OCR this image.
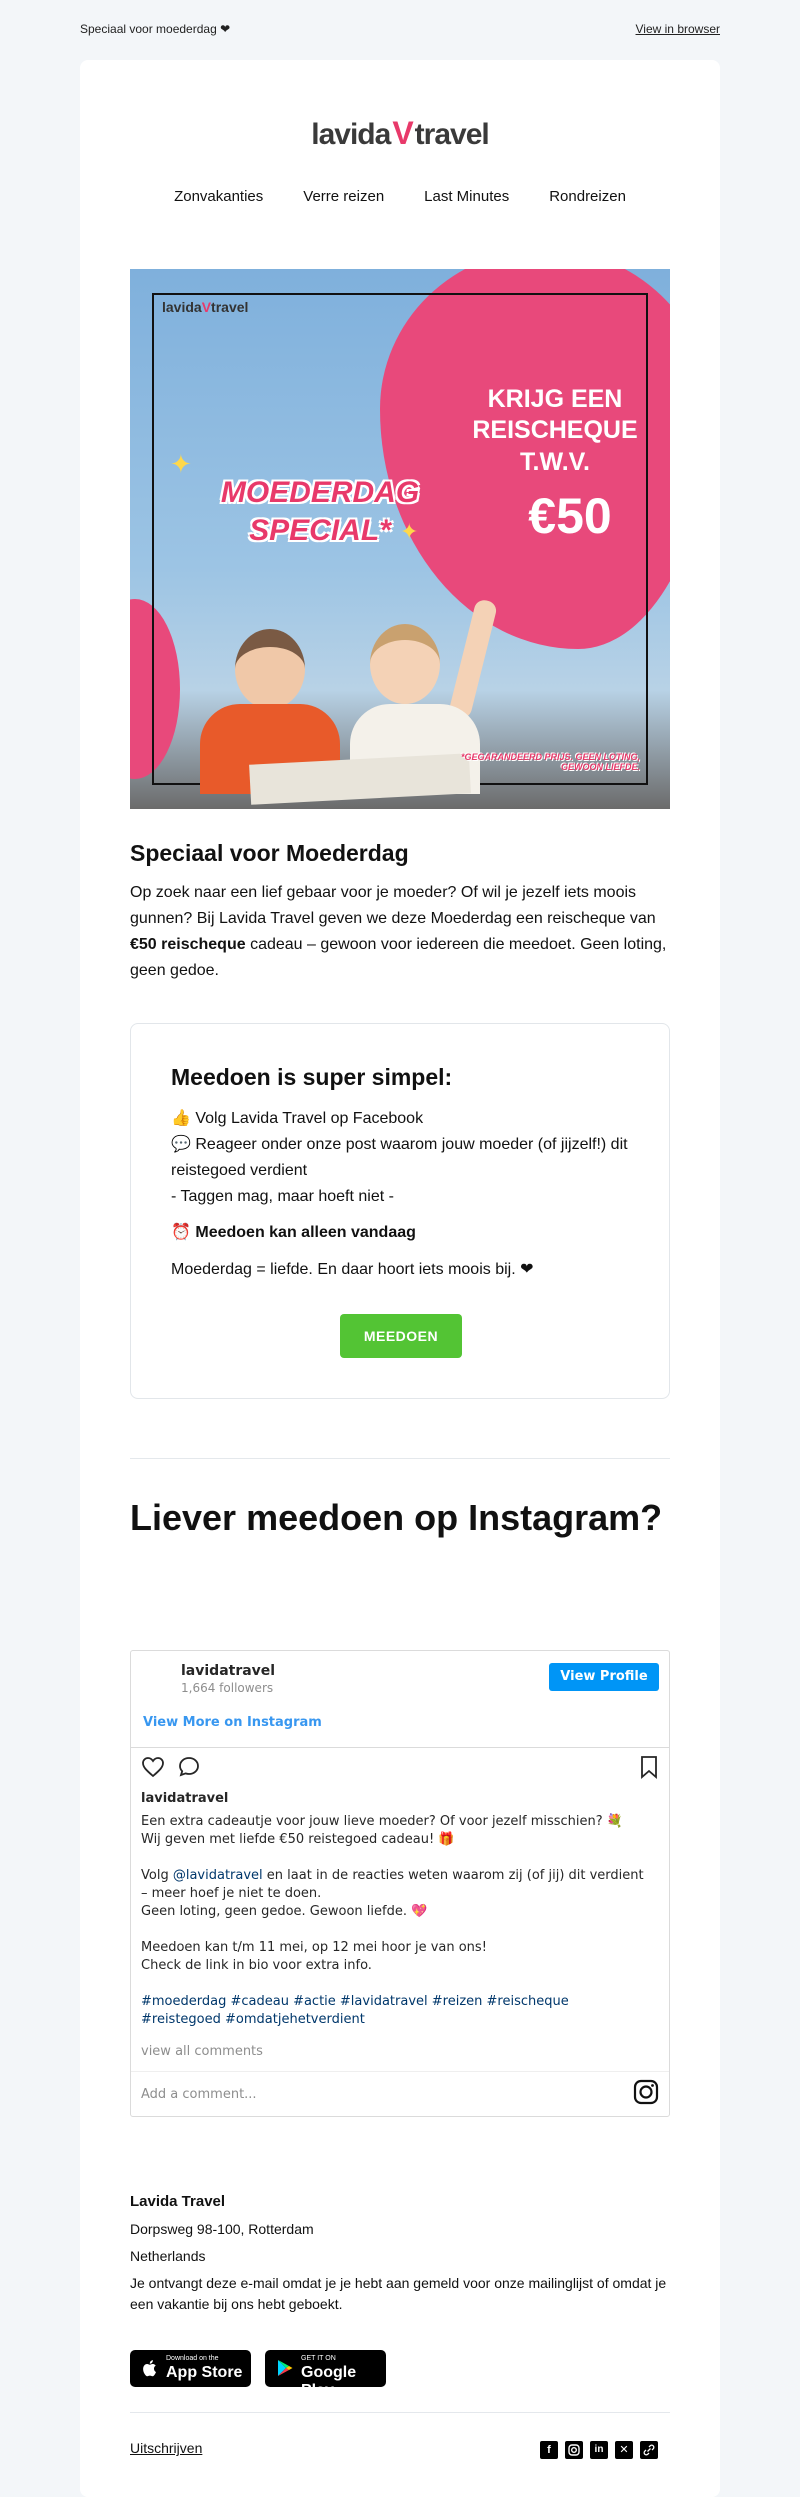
Speciaal voor moederdag ❤	View in browser
lavidaVtravel
Zonvakanties	Verre reizen	Last Minutes	Rondreizen
lavidaVtravel
✦
✦
MOEDERDAG
SPECIAL*
KRIJG EEN
REISCHEQUE
T.W.V.
€50
*GEGARANDEERD PRIJS. GEEN LOTING,
GEWOON LIEFDE.
Speciaal voor Moederdag
Op zoek naar een lief gebaar voor je moeder? Of wil je jezelf iets moois gunnen? Bij Lavida Travel geven we deze Moederdag een reischeque van €50 reischeque cadeau – gewoon voor iedereen die meedoet. Geen loting, geen gedoe.
Meedoen is super simpel:
👍 Volg Lavida Travel op Facebook
💬 Reageer onder onze post waarom jouw moeder (of jijzelf!) dit reistegoed verdient
- Taggen mag, maar hoeft niet -
⏰ Meedoen kan alleen vandaag
Moederdag = liefde. En daar hoort iets moois bij. ❤
MEEDOEN
Liever meedoen op Instagram?
lavidatravel
1,664 followers
View Profile
View More on Instagram
lavidatravel
Een extra cadeautje voor jouw lieve moeder? Of voor jezelf misschien? 💐
Wij geven met liefde €50 reistegoed cadeau! 🎁
Volg @lavidatravel en laat in de reacties weten waarom zij (of jij) dit verdient – meer hoef je niet te doen.
Geen loting, geen gedoe. Gewoon liefde. 💖
Meedoen kan t/m 11 mei, op 12 mei hoor je van ons!
Check de link in bio voor extra info.
#moederdag #cadeau #actie #lavidatravel #reizen #reischeque #reistegoed #omdatjehetverdient
view all comments
Add a comment...
Lavida Travel
Dorpsweg 98-100, Rotterdam
Netherlands
Je ontvangt deze e-mail omdat je je hebt aan gemeld voor onze mailinglijst of omdat je een vakantie bij ons hebt geboekt.
Download on the
App Store
GET IT ON
Google Play
Uitschrijven	f	in	✕
